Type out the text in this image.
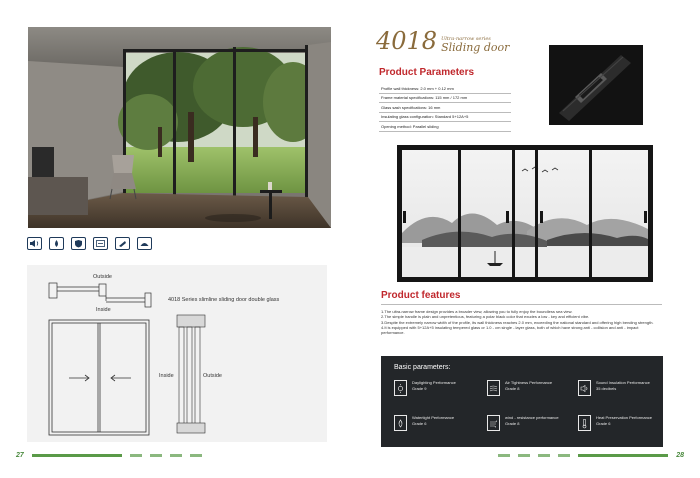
Outside
Inside
4018 Series slimline sliding door double glass
Inside	Outside
27
4018 Ultra-narrow series
Sliding door
Product Parameters
Profile wall thickness: 2.0 mm + 0.12 mm
Frame material specifications: 115 mm / 172 mm
Glass sash specifications: 16 mm
Insulating glass configuration: Standard 5+12A+5
Opening method: Parallel sliding
Product features

1.The ultra-narrow frame design provides a broader view, allowing you to fully enjoy the boundless sea view.

2.The simple handle is plain and unpretentious, featuring a polar black color that exudes a low - key and efficient vibe.

3.Despite the extremely narrow width of the profile, its wall thickness reaches 2.0 mm, exceeding the national standard and offering high bending strength.

4.It is equipped with 5+12A+5 insulating tempered glass or 1.0 - cm single - layer glass, both of which have strong anti - collision and anti - impact performance.

Basic parameters:
Daylighting Performance
Grade 9
Air Tightness Performance
Grade 8
Sound Insulation Performance
35 decibels
Watertight Performance
Grade 6
wind - resistance performance
Grade 8
Heat Preservation Performance
Grade 6
28
